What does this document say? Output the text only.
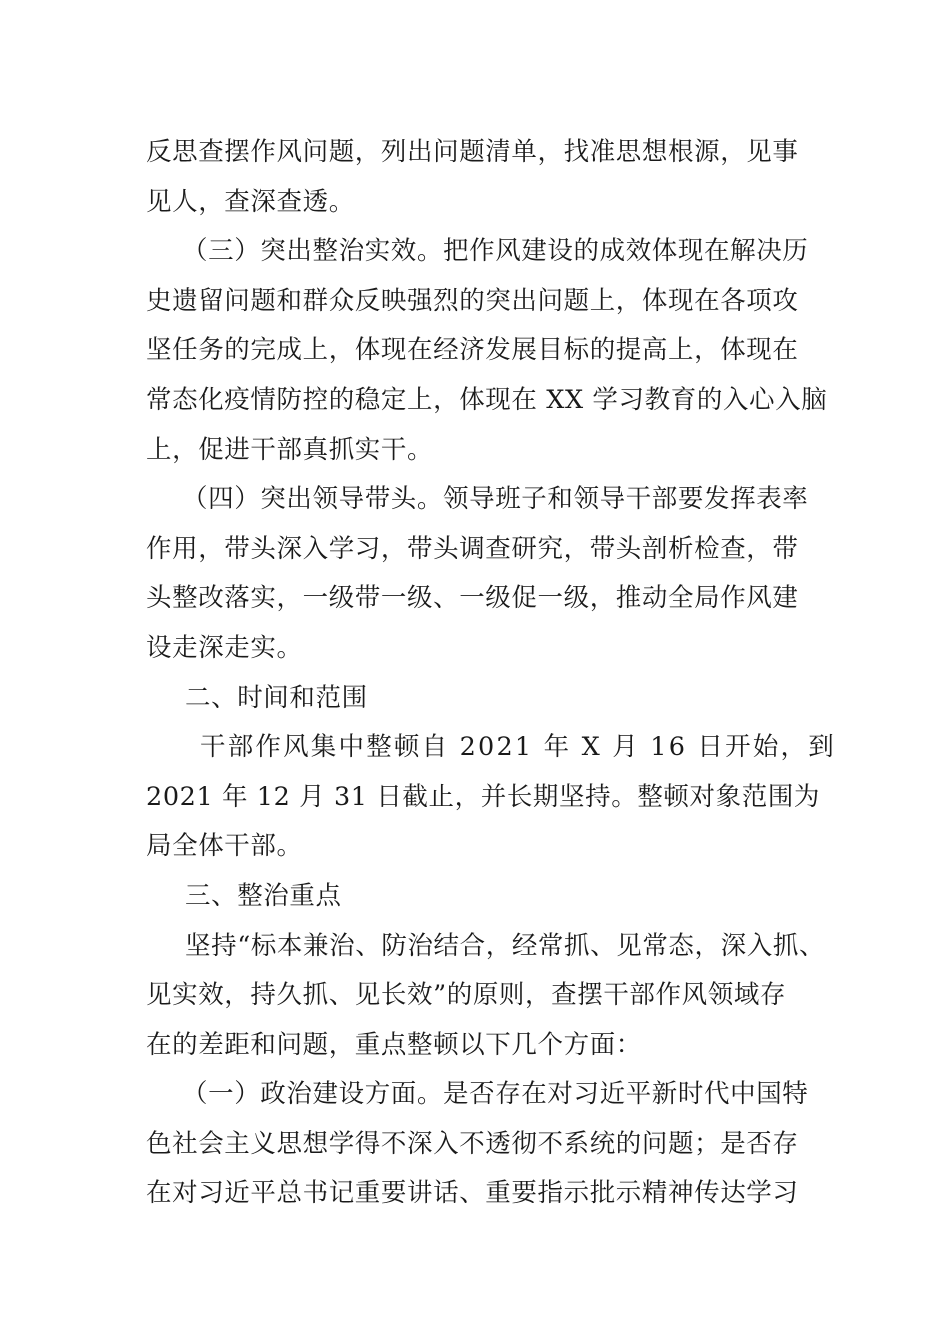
反思查摆作风问题，列出问题清单，找准思想根源，见事
见人，查深查透。
（三）突出整治实效。把作风建设的成效体现在解决历
史遗留问题和群众反映强烈的突出问题上，体现在各项攻
坚任务的完成上，体现在经济发展目标的提高上，体现在
常态化疫情防控的稳定上，体现在 XX 学习教育的入心入脑
上，促进干部真抓实干。
（四）突出领导带头。领导班子和领导干部要发挥表率
作用，带头深入学习，带头调查研究，带头剖析检查，带
头整改落实，一级带一级、一级促一级，推动全局作风建
设走深走实。
二、时间和范围
干部作风集中整顿自 2021 年 X 月 16 日开始，到
2021 年 12 月 31 日截止，并长期坚持。整顿对象范围为
局全体干部。
三、整治重点
坚持“标本兼治、防治结合，经常抓、见常态，深入抓、
见实效，持久抓、见长效”的原则，查摆干部作风领域存
在的差距和问题，重点整顿以下几个方面：
（一）政治建设方面。是否存在对习近平新时代中国特
色社会主义思想学得不深入不透彻不系统的问题；是否存
在对习近平总书记重要讲话、重要指示批示精神传达学习
